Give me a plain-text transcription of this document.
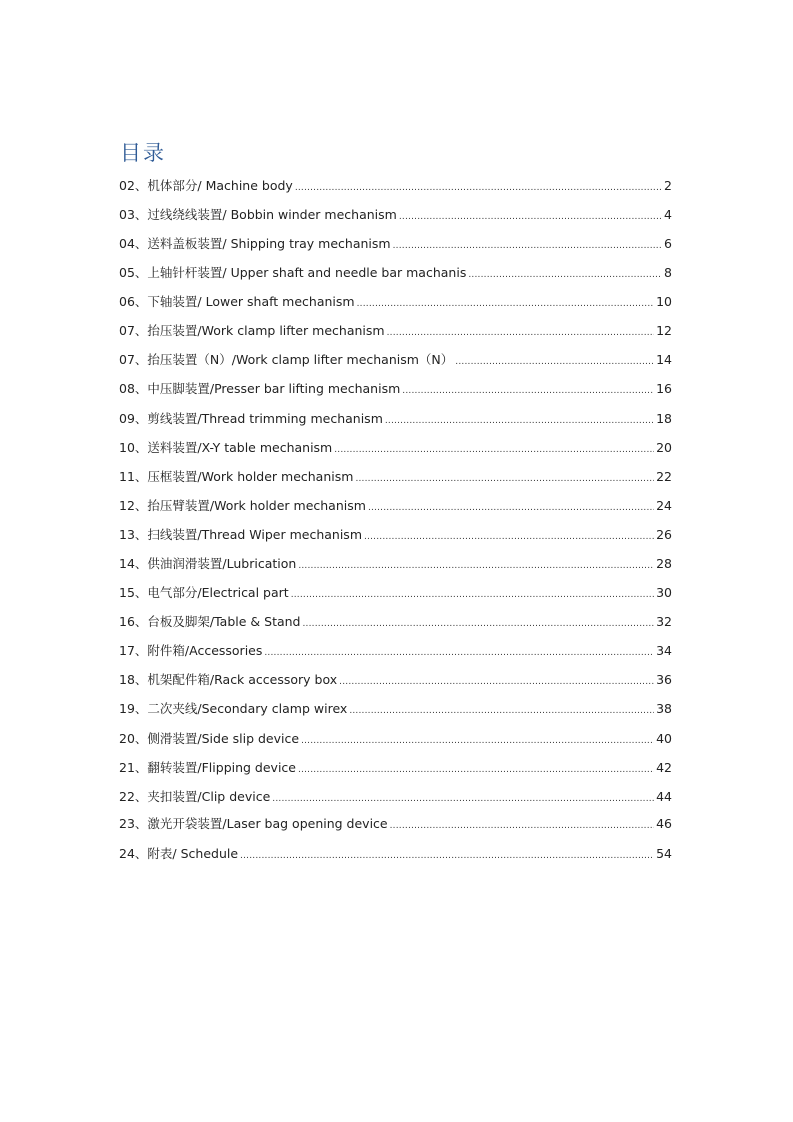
目录
02、机体部分/ Machine body .....	2
03、过线绕线装置/ Bobbin winder mechanism .....	4
04、送料盖板装置/ Shipping tray mechanism .....	6
05、上轴针杆装置/ Upper shaft and needle bar machanis .....	8
06、下轴装置/ Lower shaft mechanism .....	10
07、抬压装置/Work clamp lifter mechanism .....	12
07、抬压装置（N）/Work clamp lifter mechanism（N） .....	14
08、中压脚装置/Presser bar lifting mechanism .....	16
09、剪线装置/Thread trimming mechanism .....	18
10、送料装置/X-Y table mechanism .....	20
11、压框装置/Work holder mechanism .....	22
12、抬压臂装置/Work holder mechanism .....	24
13、扫线装置/Thread Wiper mechanism .....	26
14、供油润滑装置/Lubrication .....	28
15、电气部分/Electrical part .....	30
16、台板及脚架/Table & Stand .....	32
17、附件箱/Accessories .....	34
18、机架配件箱/Rack accessory box .....	36
19、二次夹线/Secondary clamp wirex .....	38
20、侧滑装置/Side slip device .....	40
21、翻转装置/Flipping device .....	42
22、夹扣装置/Clip device .....	44
23、激光开袋装置/Laser bag opening device .....	46
24、附表/ Schedule .....	54
